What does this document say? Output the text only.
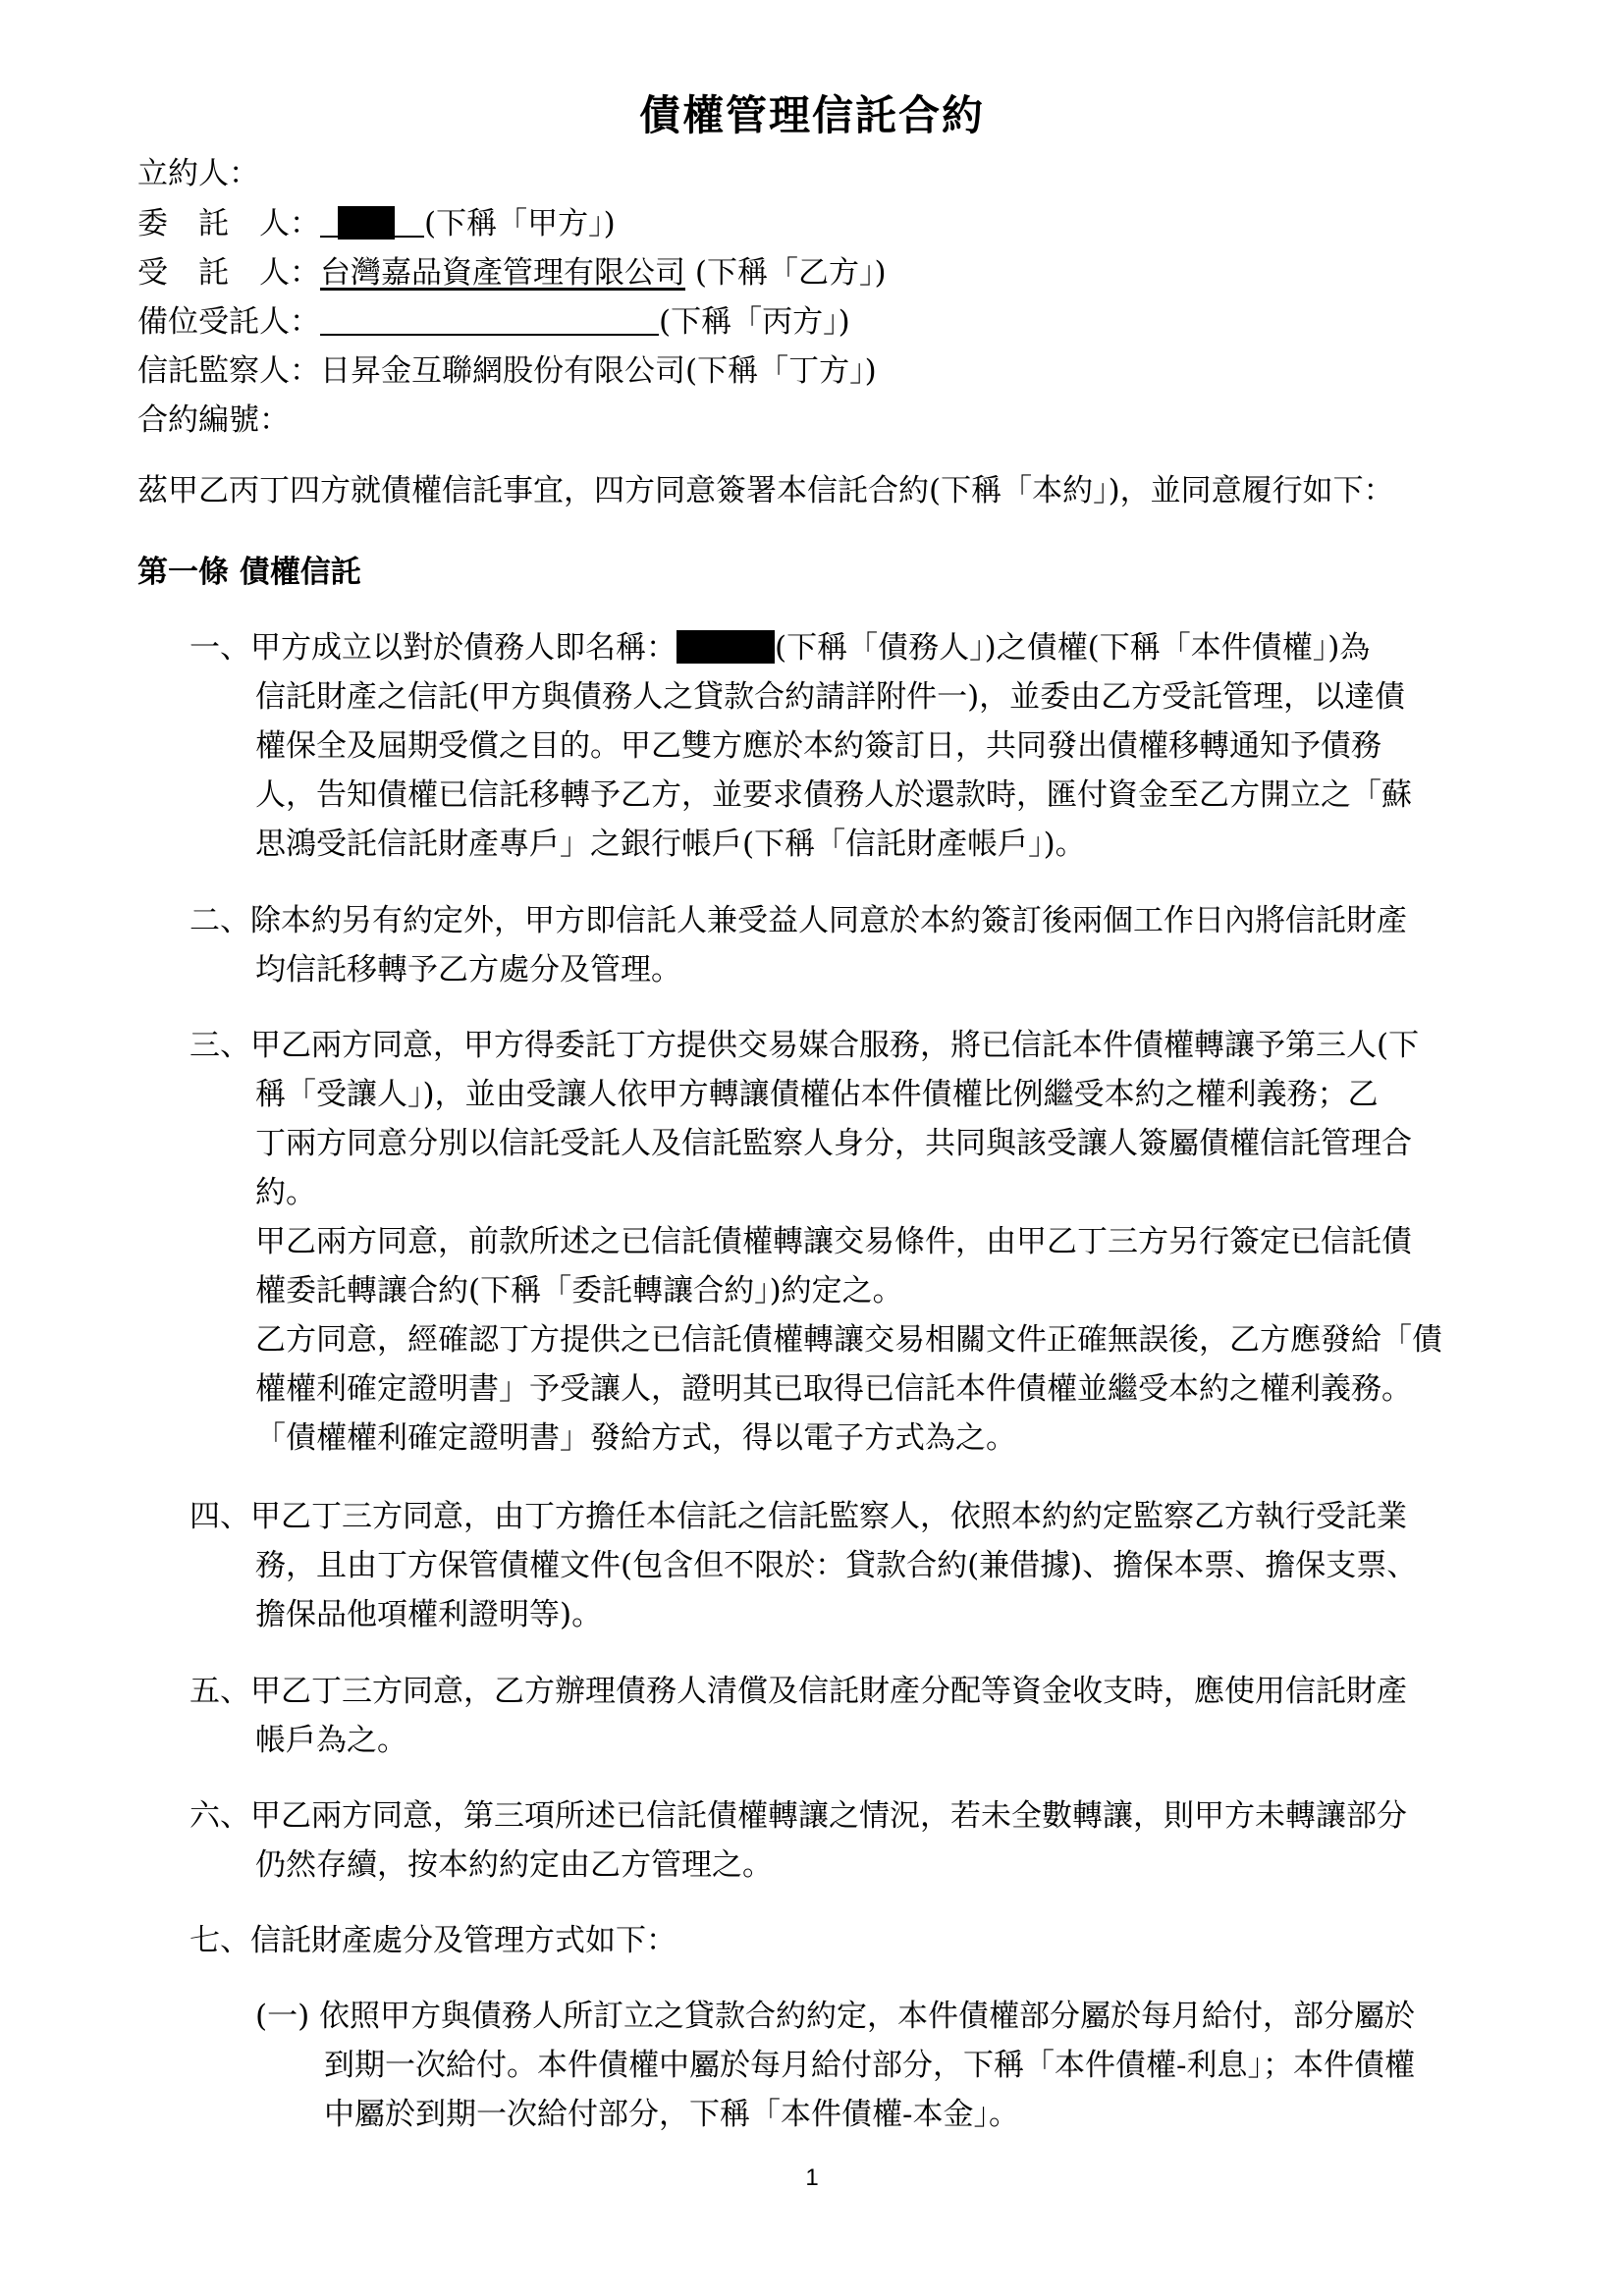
債權管理信託合約
立約人：
委　託　人：	(下稱「甲方」)
受　託　人：台灣嘉品資產管理有限公司 (下稱「乙方」)
備位受託人：	(下稱「丙方」)
信託監察人：日昇金互聯網股份有限公司(下稱「丁方」)
合約編號：
茲甲乙丙丁四方就債權信託事宜，四方同意簽署本信託合約(下稱「本約」)，並同意履行如下：
第一條 債權信託
一、甲方成立以對於債務人即名稱：	(下稱「債務人」)之債權(下稱「本件債權」)為
信託財產之信託(甲方與債務人之貸款合約請詳附件一)，並委由乙方受託管理，以達債
權保全及屆期受償之目的。甲乙雙方應於本約簽訂日，共同發出債權移轉通知予債務
人，告知債權已信託移轉予乙方，並要求債務人於還款時，匯付資金至乙方開立之「蘇
思鴻受託信託財產專戶」之銀行帳戶(下稱「信託財產帳戶」)。
二、除本約另有約定外，甲方即信託人兼受益人同意於本約簽訂後兩個工作日內將信託財產
均信託移轉予乙方處分及管理。
三、甲乙兩方同意，甲方得委託丁方提供交易媒合服務，將已信託本件債權轉讓予第三人(下
稱「受讓人」)，並由受讓人依甲方轉讓債權佔本件債權比例繼受本約之權利義務；乙
丁兩方同意分別以信託受託人及信託監察人身分，共同與該受讓人簽屬債權信託管理合
約。
甲乙兩方同意，前款所述之已信託債權轉讓交易條件，由甲乙丁三方另行簽定已信託債
權委託轉讓合約(下稱「委託轉讓合約」)約定之。
乙方同意，經確認丁方提供之已信託債權轉讓交易相關文件正確無誤後，乙方應發給「債
權權利確定證明書」予受讓人，證明其已取得已信託本件債權並繼受本約之權利義務。
「債權權利確定證明書」發給方式，得以電子方式為之。
四、甲乙丁三方同意，由丁方擔任本信託之信託監察人，依照本約約定監察乙方執行受託業
務，且由丁方保管債權文件(包含但不限於：貸款合約(兼借據)、擔保本票、擔保支票、
擔保品他項權利證明等)。
五、甲乙丁三方同意，乙方辦理債務人清償及信託財產分配等資金收支時，應使用信託財產
帳戶為之。
六、甲乙兩方同意，第三項所述已信託債權轉讓之情況，若未全數轉讓，則甲方未轉讓部分
仍然存續，按本約約定由乙方管理之。
七、信託財產處分及管理方式如下：
(一) 依照甲方與債務人所訂立之貸款合約約定，本件債權部分屬於每月給付，部分屬於
到期一次給付。本件債權中屬於每月給付部分，下稱「本件債權-利息」；本件債權
中屬於到期一次給付部分，下稱「本件債權-本金」。
1
